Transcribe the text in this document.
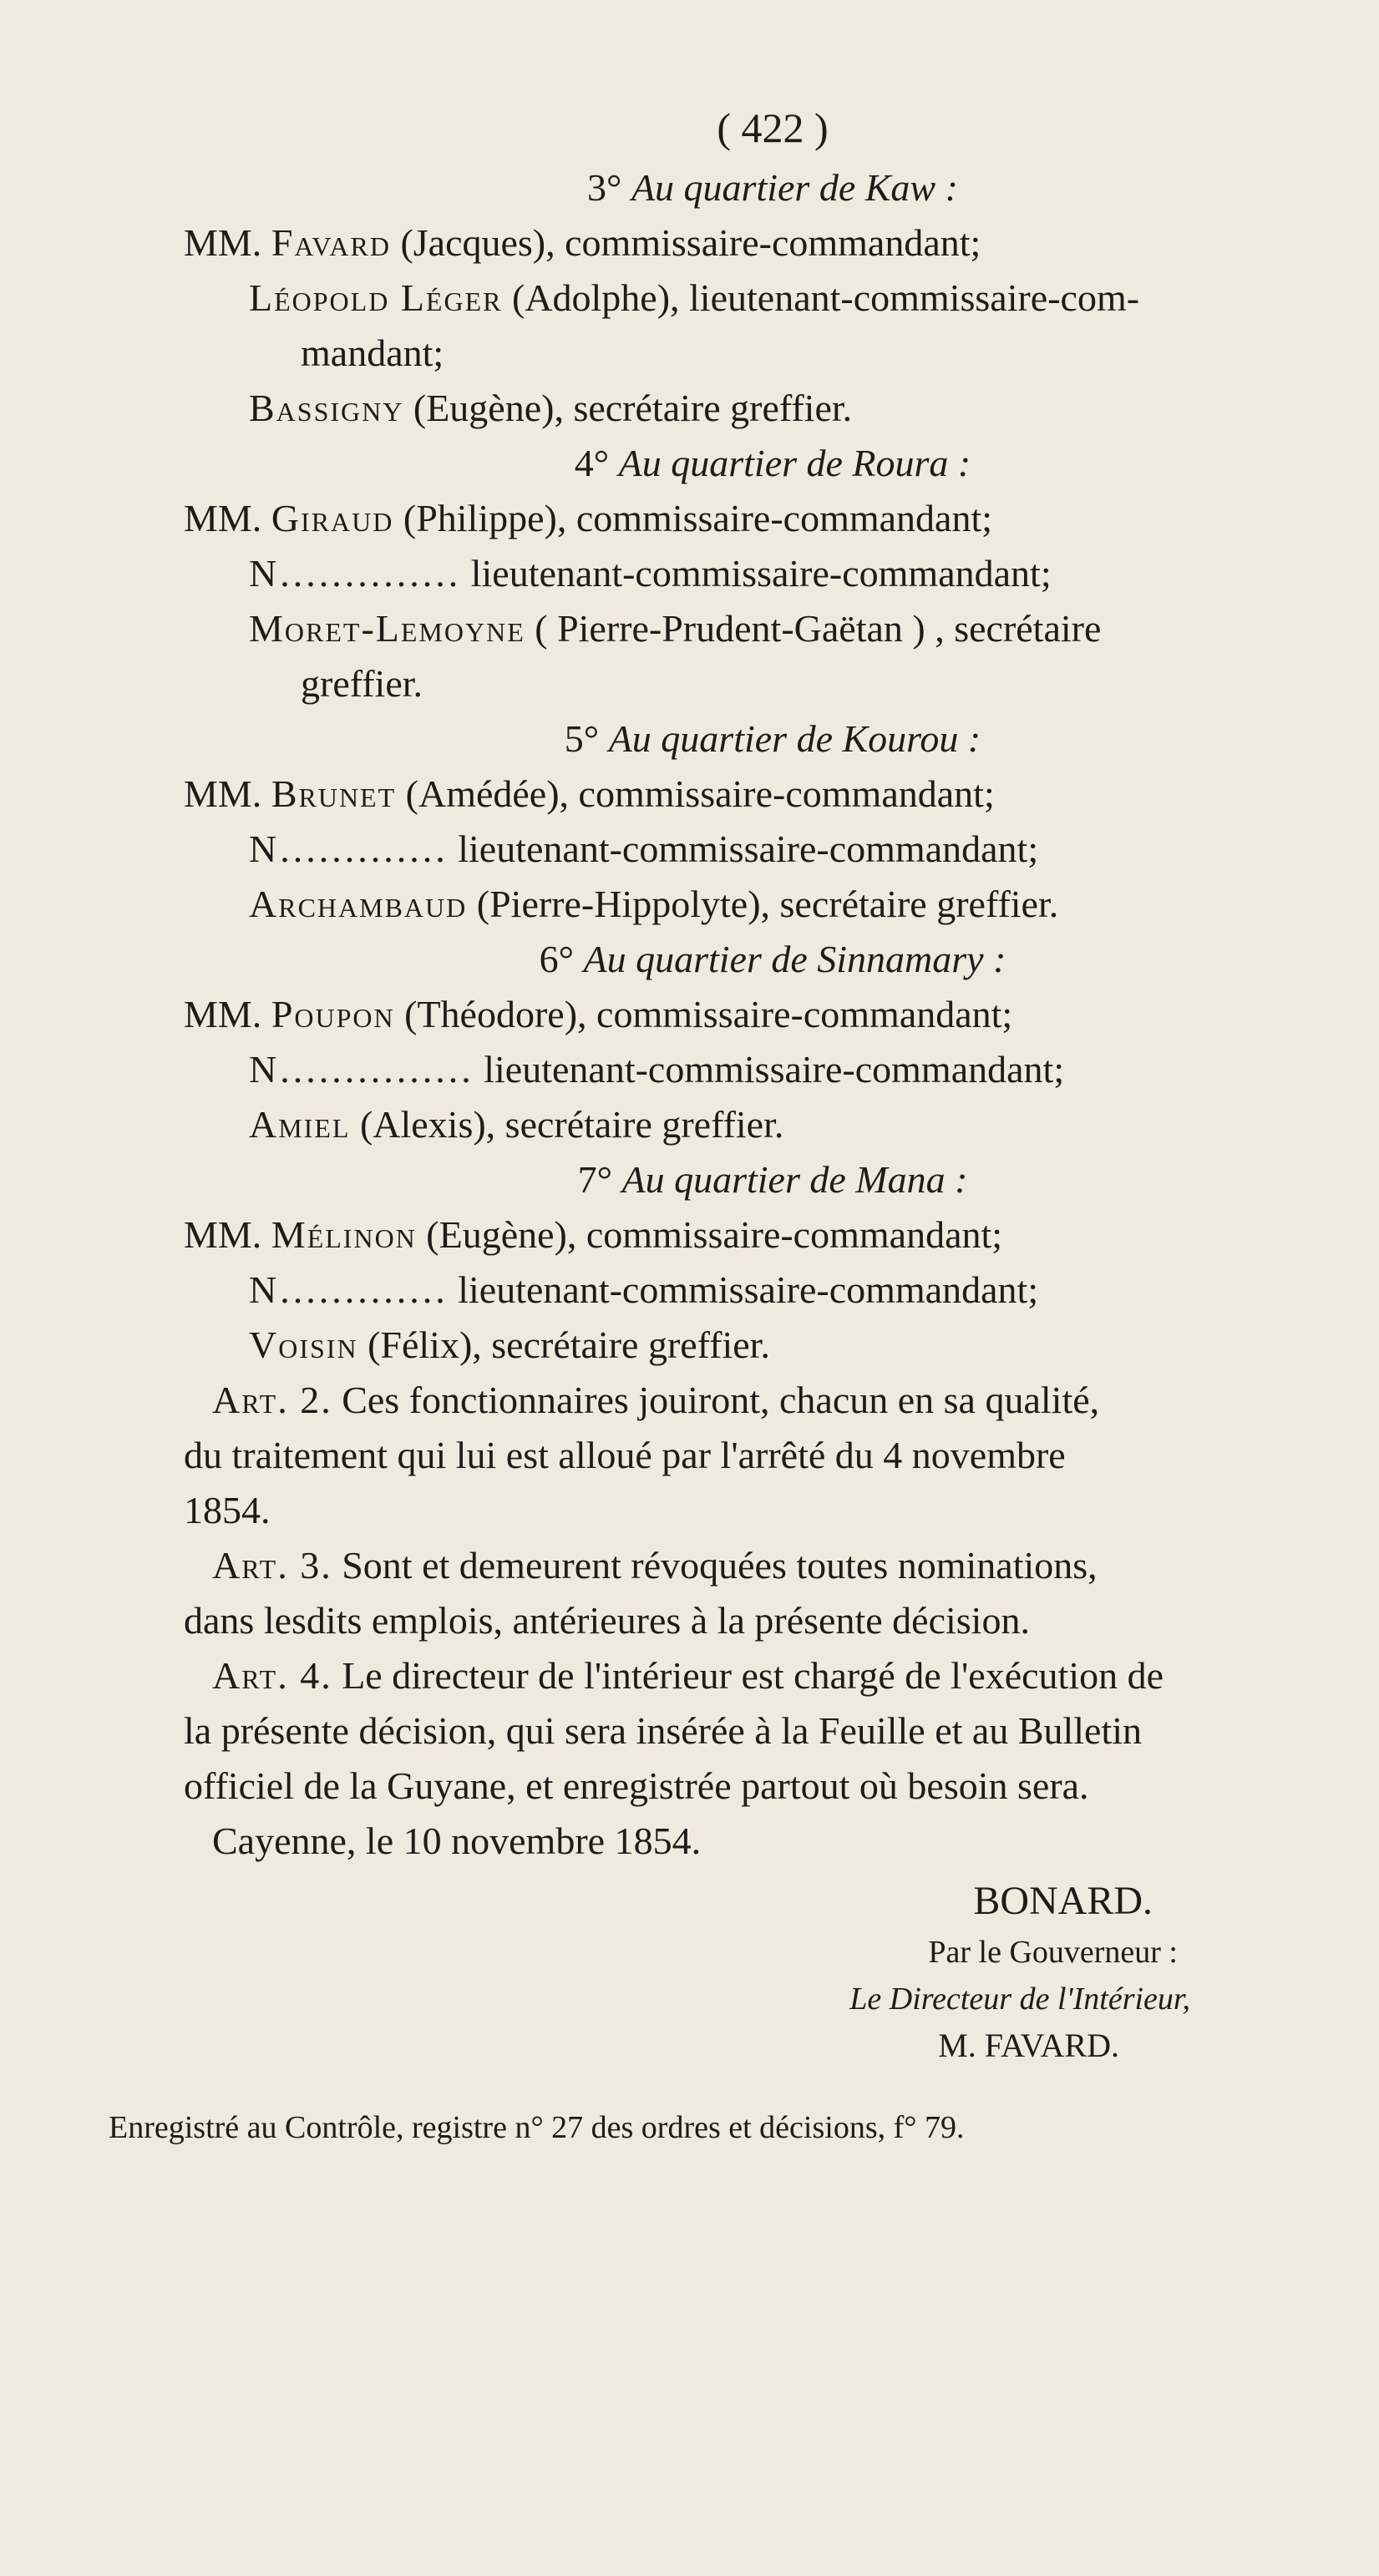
( 422 )
3° Au quartier de Kaw :
MM. Favard (Jacques), commissaire-commandant;
Léopold Léger (Adolphe), lieutenant-commissaire-com-
mandant;
Bassigny (Eugène), secrétaire greffier.
4° Au quartier de Roura :
MM. Giraud (Philippe), commissaire-commandant;
N.............. lieutenant-commissaire-commandant;
Moret-Lemoyne ( Pierre-Prudent-Gaëtan ) , secrétaire
greffier.
5° Au quartier de Kourou :
MM. Brunet (Amédée), commissaire-commandant;
N............. lieutenant-commissaire-commandant;
Archambaud (Pierre-Hippolyte), secrétaire greffier.
6° Au quartier de Sinnamary :
MM. Poupon (Théodore), commissaire-commandant;
N............... lieutenant-commissaire-commandant;
Amiel (Alexis), secrétaire greffier.
7° Au quartier de Mana :
MM. Mélinon (Eugène), commissaire-commandant;
N............. lieutenant-commissaire-commandant;
Voisin (Félix), secrétaire greffier.
Art. 2. Ces fonctionnaires jouiront, chacun en sa qualité,
du traitement qui lui est alloué par l'arrêté du 4 novembre
1854.
Art. 3. Sont et demeurent révoquées toutes nominations,
dans lesdits emplois, antérieures à la présente décision.
Art. 4. Le directeur de l'intérieur est chargé de l'exécution de
la présente décision, qui sera insérée à la Feuille et au Bulletin
officiel de la Guyane, et enregistrée partout où besoin sera.
Cayenne, le 10 novembre 1854.
BONARD.
Par le Gouverneur :
Le Directeur de l'Intérieur,
M. FAVARD.
Enregistré au Contrôle, registre n° 27 des ordres et décisions, f° 79.
